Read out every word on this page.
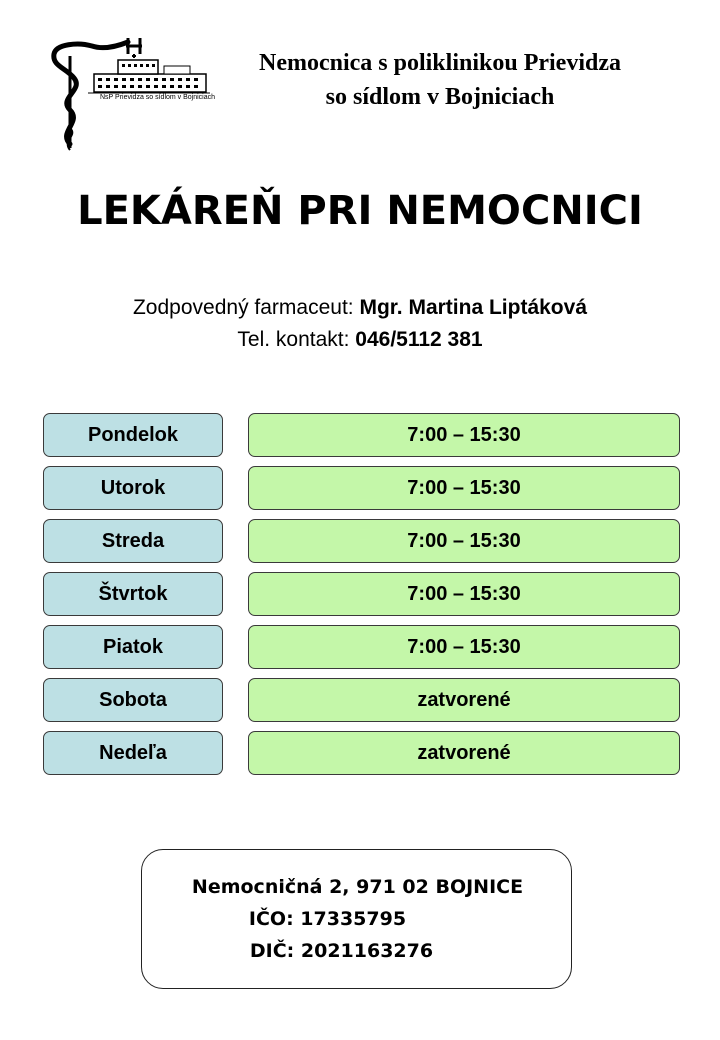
NsP Prievidza so sídlom v Bojniciach
Nemocnica s poliklinikou Prievidza
so sídlom v Bojniciach
LEKÁREŇ PRI NEMOCNICI
Zodpovedný farmaceut: Mgr. Martina Liptáková
Tel. kontakt: 046/5112 381
Pondelok	7:00 – 15:30
Utorok	7:00 – 15:30
Streda	7:00 – 15:30
Štvrtok	7:00 – 15:30
Piatok	7:00 – 15:30
Sobota	zatvorené
Nedeľa	zatvorené
Nemocničná 2, 971 02 BOJNICE
IČO: 17335795
DIČ: 2021163276
